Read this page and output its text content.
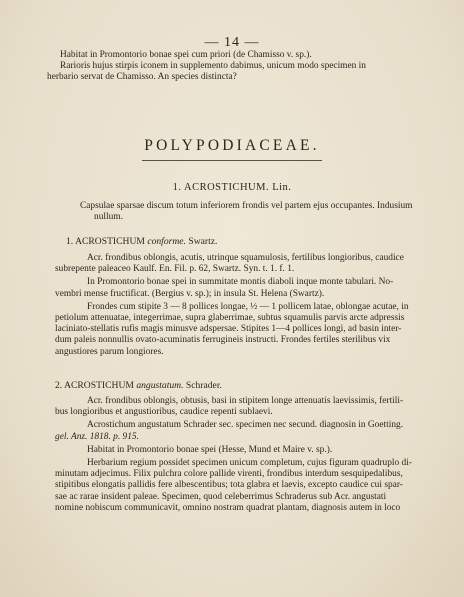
— 14 —
Habitat in Promontorio bonae spei cum priori (de Chamisso v. sp.).
Rarioris hujus stirpis iconem in supplemento dabimus, unicum modo specimen in
herbario servat de Chamisso. An species distincta?
POLYPODIACEAE.
1. ACROSTICHUM. Lin.
Capsulae sparsae discum totum inferiorem frondis vel partem ejus occupantes. Indusium
nullum.
1. ACROSTICHUM conforme. Swartz.
Acr. frondibus oblongis, acutis, utrinque squamulosis, fertilibus longioribus, caudice
subrepente paleaceo Kaulf. En. Fil. p. 62, Swartz. Syn. t. 1. f. 1.
In Promontorio bonae spei in summitate montis diaboli inque monte tabulari. No-
vembri mense fructificat. (Bergius v. sp.); in insula St. Helena (Swartz).
Frondes cum stipite 3 — 8 pollices longae, ½ — 1 pollicem latae, oblongae acutae, in
petiolum attenuatae, integerrimae, supra glaberrimae, subtus squamulis parvis arcte adpressis
laciniato-stellatis rufis magis minusve adspersae. Stipites 1—4 pollices longi, ad basin inter-
dum paleis nonnullis ovato-acuminatis ferrugineis instructi. Frondes fertiles sterilibus vix
angustiores parum longiores.
2. ACROSTICHUM angustatum. Schrader.
Acr. frondibus oblongis, obtusis, basi in stipitem longe attenuatis laevissimis, fertili-
bus longioribus et angustioribus, caudice repenti sublaevi.
Acrostichum angustatum Schrader sec. specimen nec secund. diagnosin in Goetting.
gel. Anz. 1818. p. 915.
Habitat in Promontorio bonae spei (Hesse, Mund et Maire v. sp.).
Herbarium regium possidet specimen unicum completum, cujus figuram quadruplo di-
minutam adjecimus. Filix pulchra colore pallide virenti, frondibus interdum sesquipedalibus,
stipitibus elongatis pallidis fere albescentibus; tota glabra et laevis, excepto caudice cui spar-
sae ac rarae insident paleae. Specimen, quod celeberrimus Schraderus sub Acr. angustati
nomine nobiscum communicavit, omnino nostram quadrat plantam, diagnosis autem in loco
